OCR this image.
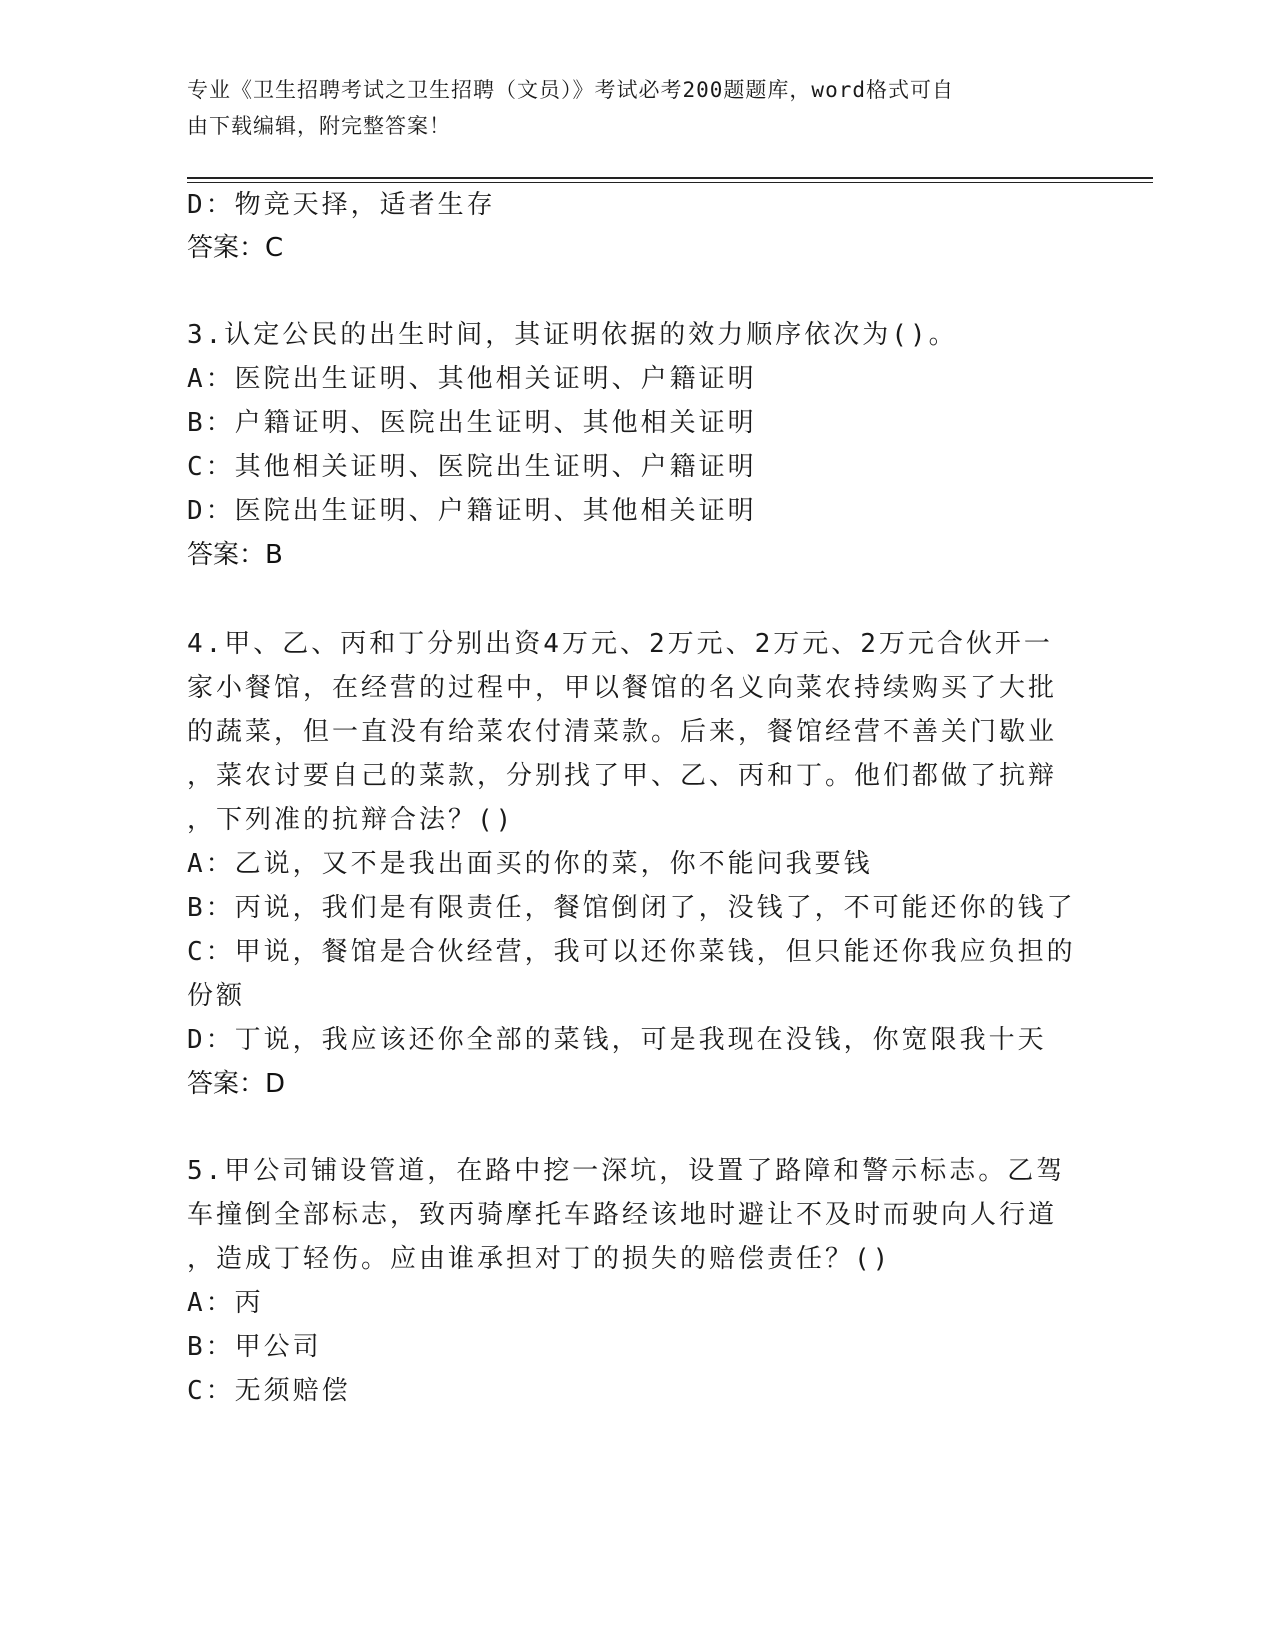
专业《卫生招聘考试之卫生招聘（文员）》考试必考200题题库，word格式可自
由下载编辑，附完整答案！
D：物竞天择，适者生存
答案：C
3.认定公民的出生时间，其证明依据的效力顺序依次为()。
A：医院出生证明、其他相关证明、户籍证明
B：户籍证明、医院出生证明、其他相关证明
C：其他相关证明、医院出生证明、户籍证明
D：医院出生证明、户籍证明、其他相关证明
答案：B
4.甲、乙、丙和丁分别出资4万元、2万元、2万元、2万元合伙开一
家小餐馆，在经营的过程中，甲以餐馆的名义向菜农持续购买了大批
的蔬菜，但一直没有给菜农付清菜款。后来，餐馆经营不善关门歇业
，菜农讨要自己的菜款，分别找了甲、乙、丙和丁。他们都做了抗辩
，下列准的抗辩合法？()
A：乙说，又不是我出面买的你的菜，你不能问我要钱
B：丙说，我们是有限责任，餐馆倒闭了，没钱了，不可能还你的钱了
C：甲说，餐馆是合伙经营，我可以还你菜钱，但只能还你我应负担的
份额
D：丁说，我应该还你全部的菜钱，可是我现在没钱，你宽限我十天
答案：D
5.甲公司铺设管道，在路中挖一深坑，设置了路障和警示标志。乙驾
车撞倒全部标志，致丙骑摩托车路经该地时避让不及时而驶向人行道
，造成丁轻伤。应由谁承担对丁的损失的赔偿责任？()
A：丙
B：甲公司
C：无须赔偿
